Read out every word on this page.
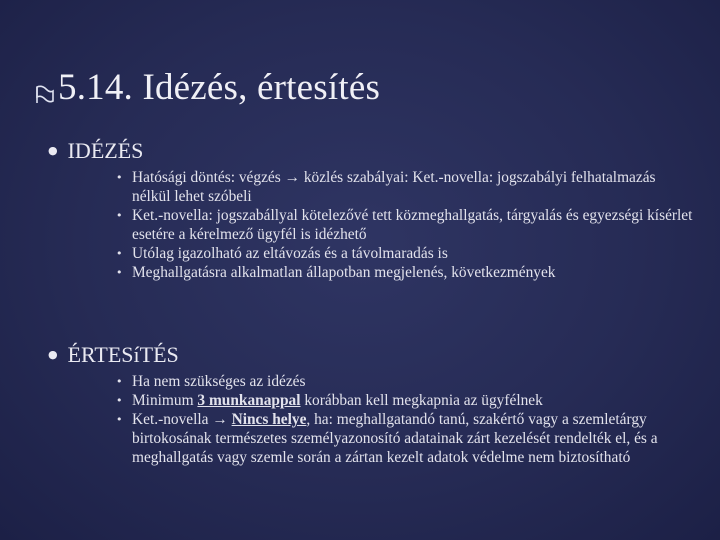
5.14. Idézés, értesítés
● IDÉZÉS
• Hatósági döntés: végzés → közlés szabályai: Ket.-novella: jogszabályi felhatalmazás nélkül lehet szóbeli
• Ket.-novella: jogszabállyal kötelezővé tett közmeghallgatás, tárgyalás és egyezségi kísérlet esetére a kérelmező ügyfél is idézhető
• Utólag igazolható az eltávozás és a távolmaradás is
• Meghallgatásra alkalmatlan állapotban megjelenés, következmények
● ÉRTESíTÉS
• Ha nem szükséges az idézés
• Minimum 3 munkanappal korábban kell megkapnia az ügyfélnek
• Ket.-novella → Nincs helye, ha: meghallgatandó tanú, szakértő vagy a szemletárgy birtokosának természetes személyazonosító adatainak zárt kezelését rendelték el, és a meghallgatás vagy szemle során a zártan kezelt adatok védelme nem biztosítható
